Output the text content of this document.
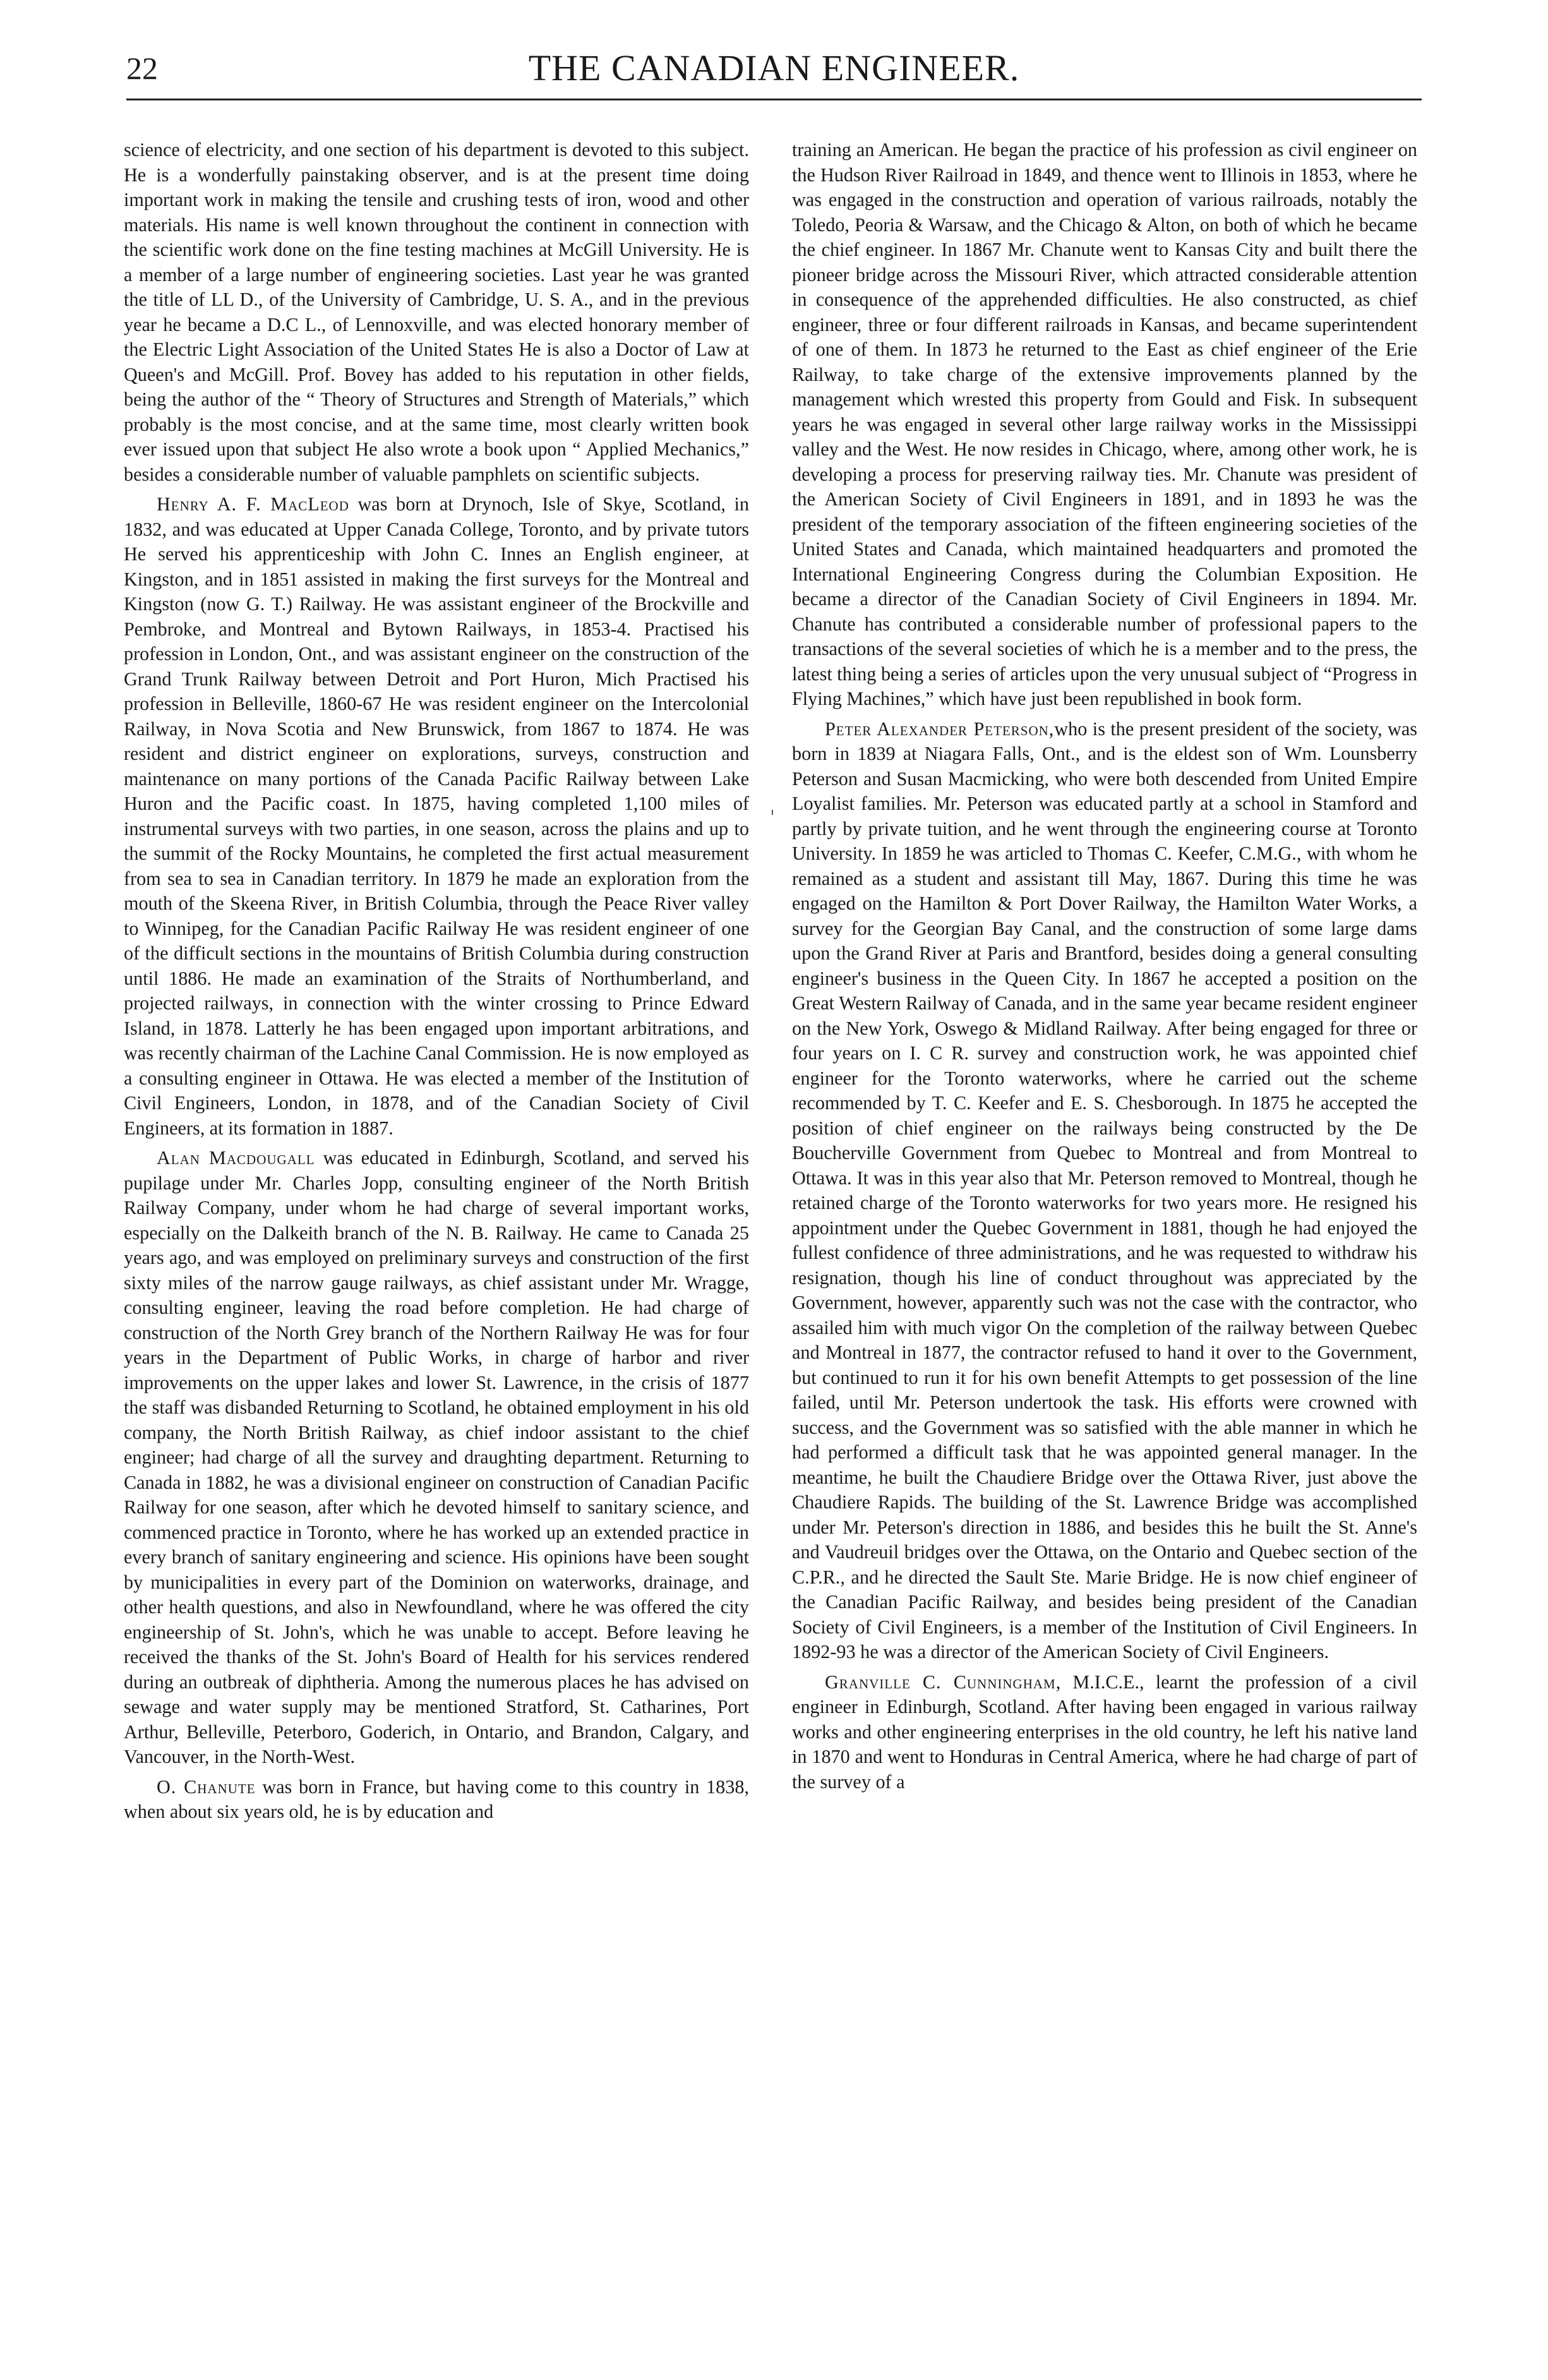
22	THE CANADIAN ENGINEER.

science of electricity, and one section of his department is devoted to this subject. He is a wonderfully painstaking observer, and is at the present time doing important work in making the tensile and crushing tests of iron, wood and other materials. His name is well known throughout the continent in connection with the scientific work done on the fine testing machines at McGill University. He is a member of a large number of engineering societies. Last year he was granted the title of LL D., of the University of Cambridge, U. S. A., and in the previous year he became a D.C L., of Lennoxville, and was elected honorary member of the Electric Light Association of the United States He is also a Doctor of Law at Queen's and McGill. Prof. Bovey has added to his reputation in other fields, being the author of the “ Theory of Structures and Strength of Materials,” which probably is the most concise, and at the same time, most clearly written book ever issued upon that subject He also wrote a book upon “ Applied Mechanics,” besides a considerable number of valuable pamphlets on scientific subjects.

Henry A. F. MacLeod was born at Drynoch, Isle of Skye, Scotland, in 1832, and was educated at Upper Canada College, Toronto, and by private tutors He served his apprenticeship with John C. Innes an English engineer, at Kingston, and in 1851 assisted in making the first surveys for the Montreal and Kingston (now G. T.) Railway. He was assistant engineer of the Brockville and Pembroke, and Montreal and Bytown Railways, in 1853-4. Practised his profession in London, Ont., and was assistant engineer on the construction of the Grand Trunk Railway between Detroit and Port Huron, Mich Practised his profession in Belleville, 1860-67 He was resident engineer on the Intercolonial Railway, in Nova Scotia and New Brunswick, from 1867 to 1874. He was resident and district engineer on explorations, surveys, construction and maintenance on many portions of the Canada Pacific Railway between Lake Huron and the Pacific coast. In 1875, having completed 1,100 miles of instrumental surveys with two parties, in one season, across the plains and up to the summit of the Rocky Mountains, he completed the first actual measurement from sea to sea in Canadian territory. In 1879 he made an exploration from the mouth of the Skeena River, in British Columbia, through the Peace River valley to Winnipeg, for the Canadian Pacific Railway He was resident engineer of one of the difficult sections in the mountains of British Columbia during construction until 1886. He made an examination of the Straits of Northumberland, and projected railways, in connection with the winter crossing to Prince Edward Island, in 1878. Latterly he has been engaged upon important arbitrations, and was recently chairman of the Lachine Canal Commission. He is now employed as a consulting engineer in Ottawa. He was elected a member of the Institution of Civil Engineers, London, in 1878, and of the Canadian Society of Civil Engineers, at its formation in 1887.

Alan Macdougall was educated in Edinburgh, Scotland, and served his pupilage under Mr. Charles Jopp, consulting engineer of the North British Railway Company, under whom he had charge of several important works, especially on the Dalkeith branch of the N. B. Railway. He came to Canada 25 years ago, and was employed on preliminary surveys and construction of the first sixty miles of the narrow gauge railways, as chief assistant under Mr. Wragge, consulting engineer, leaving the road before completion. He had charge of construction of the North Grey branch of the Northern Railway He was for four years in the Department of Public Works, in charge of harbor and river improvements on the upper lakes and lower St. Lawrence, in the crisis of 1877 the staff was disbanded Returning to Scotland, he obtained employment in his old company, the North British Railway, as chief indoor assistant to the chief engineer; had charge of all the survey and draughting department. Returning to Canada in 1882, he was a divisional engineer on construction of Canadian Pacific Railway for one season, after which he devoted himself to sanitary science, and commenced practice in Toronto, where he has worked up an extended practice in every branch of sanitary engineering and science. His opinions have been sought by municipalities in every part of the Dominion on waterworks, drainage, and other health questions, and also in Newfoundland, where he was offered the city engineership of St. John's, which he was unable to accept. Before leaving he received the thanks of the St. John's Board of Health for his services rendered during an outbreak of diphtheria. Among the numerous places he has advised on sewage and water supply may be mentioned Stratford, St. Catharines, Port Arthur, Belleville, Peterboro, Goderich, in Ontario, and Brandon, Calgary, and Vancouver, in the North-West.

O. Chanute was born in France, but having come to this country in 1838, when about six years old, he is by education and

training an American. He began the practice of his profession as civil engineer on the Hudson River Railroad in 1849, and thence went to Illinois in 1853, where he was engaged in the construction and operation of various railroads, notably the Toledo, Peoria & Warsaw, and the Chicago & Alton, on both of which he became the chief engineer. In 1867 Mr. Chanute went to Kansas City and built there the pioneer bridge across the Missouri River, which attracted considerable attention in consequence of the apprehended difficulties. He also constructed, as chief engineer, three or four different railroads in Kansas, and became superintendent of one of them. In 1873 he returned to the East as chief engineer of the Erie Railway, to take charge of the extensive improvements planned by the management which wrested this property from Gould and Fisk. In subsequent years he was engaged in several other large railway works in the Mississippi valley and the West. He now resides in Chicago, where, among other work, he is developing a process for preserving railway ties. Mr. Chanute was president of the American Society of Civil Engineers in 1891, and in 1893 he was the president of the temporary association of the fifteen engineering societies of the United States and Canada, which maintained headquarters and promoted the International Engineering Congress during the Columbian Exposition. He became a director of the Canadian Society of Civil Engineers in 1894. Mr. Chanute has contributed a considerable number of professional papers to the transactions of the several societies of which he is a member and to the press, the latest thing being a series of articles upon the very unusual subject of “Progress in Flying Machines,” which have just been republished in book form.

Peter Alexander Peterson,who is the present president of the society, was born in 1839 at Niagara Falls, Ont., and is the eldest son of Wm. Lounsberry Peterson and Susan Macmicking, who were both descended from United Empire Loyalist families. Mr. Peterson was educated partly at a school in Stamford and partly by private tuition, and he went through the engineering course at Toronto University. In 1859 he was articled to Thomas C. Keefer, C.M.G., with whom he remained as a student and assistant till May, 1867. During this time he was engaged on the Hamilton & Port Dover Railway, the Hamilton Water Works, a survey for the Georgian Bay Canal, and the construction of some large dams upon the Grand River at Paris and Brantford, besides doing a general consulting engineer's business in the Queen City. In 1867 he accepted a position on the Great Western Railway of Canada, and in the same year became resident engineer on the New York, Oswego & Midland Railway. After being engaged for three or four years on I. C R. survey and construction work, he was appointed chief engineer for the Toronto waterworks, where he carried out the scheme recommended by T. C. Keefer and E. S. Chesborough. In 1875 he accepted the position of chief engineer on the railways being constructed by the De Boucherville Government from Quebec to Montreal and from Montreal to Ottawa. It was in this year also that Mr. Peterson removed to Montreal, though he retained charge of the Toronto waterworks for two years more. He resigned his appointment under the Quebec Government in 1881, though he had enjoyed the fullest confidence of three administrations, and he was requested to withdraw his resignation, though his line of conduct throughout was appreciated by the Government, however, apparently such was not the case with the contractor, who assailed him with much vigor On the completion of the railway between Quebec and Montreal in 1877, the contractor refused to hand it over to the Government, but continued to run it for his own benefit Attempts to get possession of the line failed, until Mr. Peterson undertook the task. His efforts were crowned with success, and the Government was so satisfied with the able manner in which he had performed a difficult task that he was appointed general manager. In the meantime, he built the Chaudiere Bridge over the Ottawa River, just above the Chaudiere Rapids. The building of the St. Lawrence Bridge was accomplished under Mr. Peterson's direction in 1886, and besides this he built the St. Anne's and Vaudreuil bridges over the Ottawa, on the Ontario and Quebec section of the C.P.R., and he directed the Sault Ste. Marie Bridge. He is now chief engineer of the Canadian Pacific Railway, and besides being president of the Canadian Society of Civil Engineers, is a member of the Institution of Civil Engineers. In 1892-93 he was a director of the American Society of Civil Engineers.

Granville C. Cunningham, M.I.C.E., learnt the profession of a civil engineer in Edinburgh, Scotland. After having been engaged in various railway works and other engineering enterprises in the old country, he left his native land in 1870 and went to Honduras in Central America, where he had charge of part of the survey of a
